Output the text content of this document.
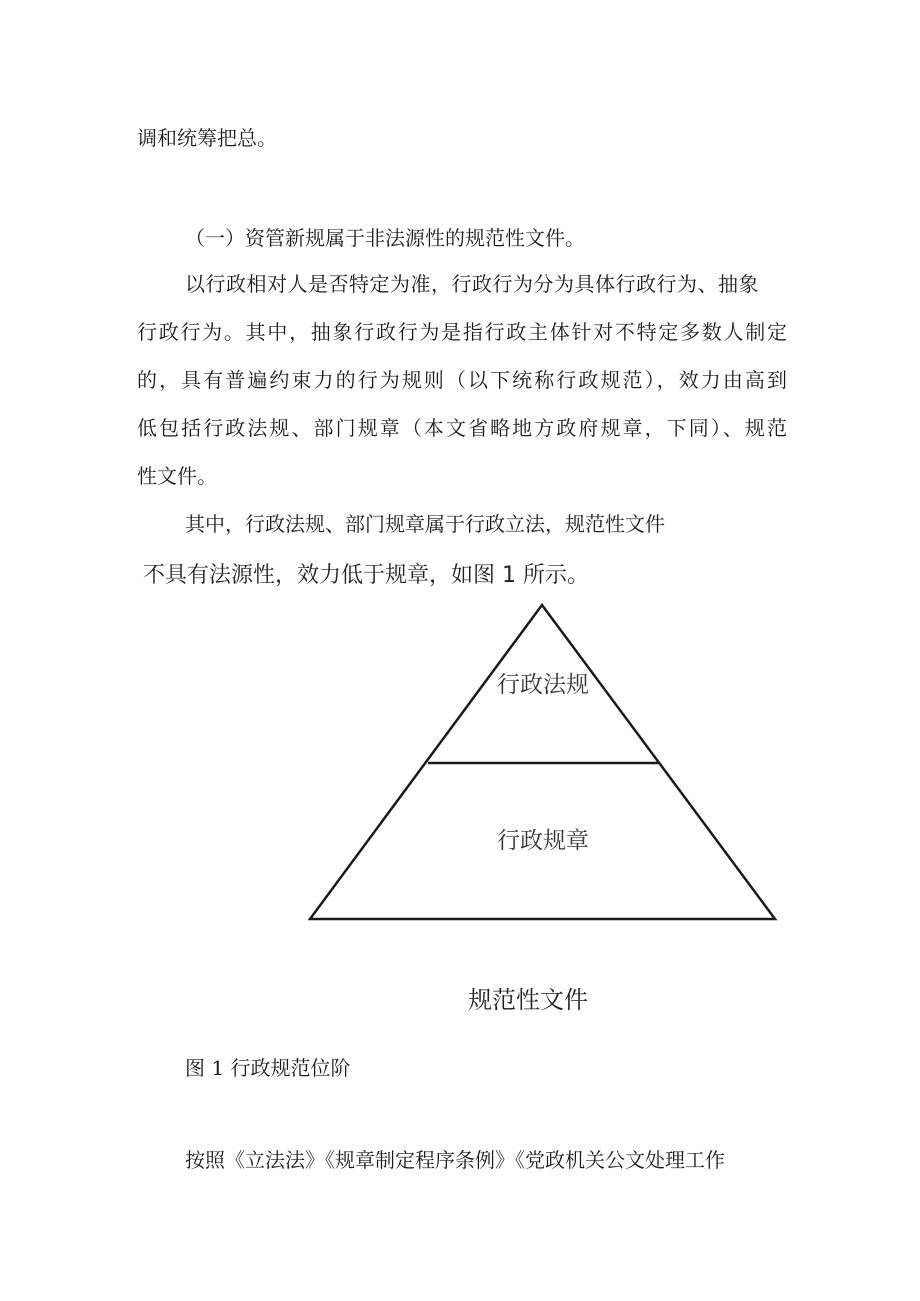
调和统筹把总。
（一）资管新规属于非法源性的规范性文件。
以行政相对人是否特定为准，行政行为分为具体行政行为、抽象
行政行为。其中，抽象行政行为是指行政主体针对不特定多数人制定
的，具有普遍约束力的行为规则（以下统称行政规范），效力由高到
低包括行政法规、部门规章（本文省略地方政府规章，下同）、规范
性文件。
其中，行政法规、部门规章属于行政立法，规范性文件
不具有法源性，效力低于规章，如图 1 所示。
行政法规
行政规章
规范性文件
图 1 行政规范位阶
按照《立法法》《规章制定程序条例》《党政机关公文处理工作
